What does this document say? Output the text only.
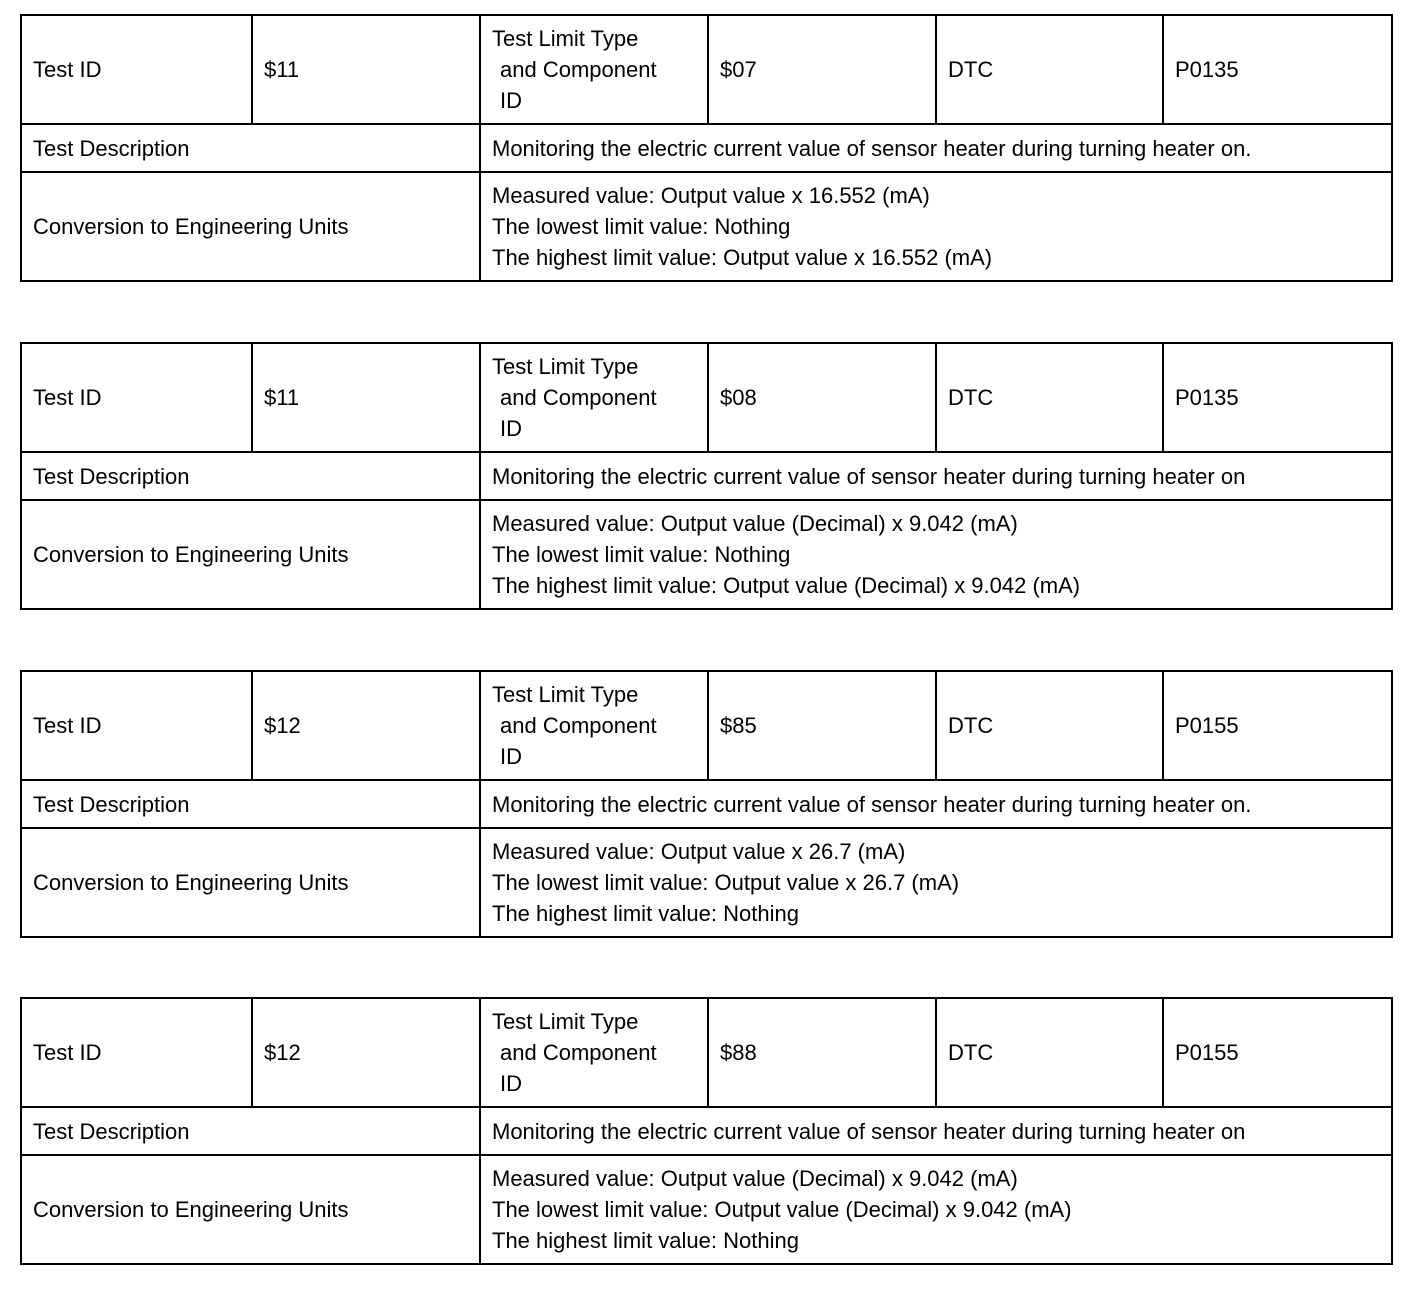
Test ID	$11	Test Limit Type
and Component
ID	$07	DTC	P0135
Test Description		Monitoring the electric current value of sensor heater during turning heater on.			
Conversion to Engineering Units		Measured value: Output value x 16.552 (mA)
The lowest limit value: Nothing
The highest limit value: Output value x 16.552 (mA)			
Test ID	$11	Test Limit Type
and Component
ID	$08	DTC	P0135
Test Description		Monitoring the electric current value of sensor heater during turning heater on			
Conversion to Engineering Units		Measured value: Output value (Decimal) x 9.042 (mA)
The lowest limit value: Nothing
The highest limit value: Output value (Decimal) x 9.042 (mA)			
Test ID	$12	Test Limit Type
and Component
ID	$85	DTC	P0155
Test Description		Monitoring the electric current value of sensor heater during turning heater on.			
Conversion to Engineering Units		Measured value: Output value x 26.7 (mA)
The lowest limit value: Output value x 26.7 (mA)
The highest limit value: Nothing			
Test ID	$12	Test Limit Type
and Component
ID	$88	DTC	P0155
Test Description		Monitoring the electric current value of sensor heater during turning heater on			
Conversion to Engineering Units		Measured value: Output value (Decimal) x 9.042 (mA)
The lowest limit value: Output value (Decimal) x 9.042 (mA)
The highest limit value: Nothing			
